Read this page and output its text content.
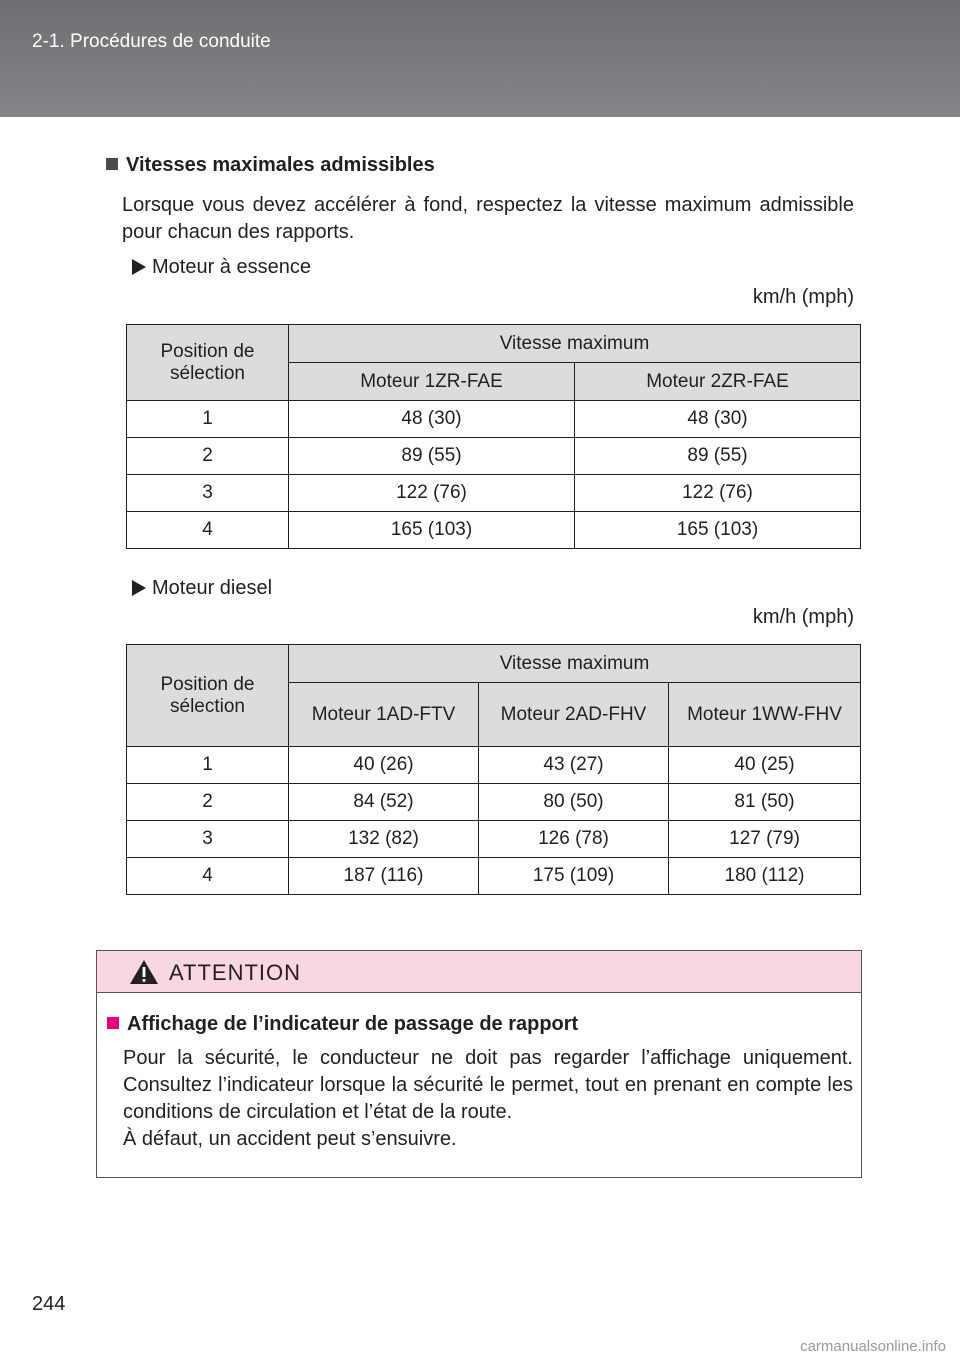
2-1. Procédures de conduite
Vitesses maximales admissibles
Lorsque vous devez accélérer à fond, respectez la vitesse maximum admissible pour chacun des rapports.
Moteur à essence
km/h (mph)
Position de sélection	Vitesse maximum	
	Moteur 1ZR-FAE	Moteur 2ZR-FAE
1	48 (30)	48 (30)
2	89 (55)	89 (55)
3	122 (76)	122 (76)
4	165 (103)	165 (103)
Moteur diesel
km/h (mph)
Position de sélection	Vitesse maximum		
	Moteur 1AD-FTV	Moteur 2AD-FHV	Moteur 1WW-FHV
1	40 (26)	43 (27)	40 (25)
2	84 (52)	80 (50)	81 (50)
3	132 (82)	126 (78)	127 (79)
4	187 (116)	175 (109)	180 (112)
ATTENTION
Affichage de l’indicateur de passage de rapport
Pour la sécurité, le conducteur ne doit pas regarder l’affichage uniquement. Consultez l’indicateur lorsque la sécurité le permet, tout en prenant en compte les conditions de circulation et l’état de la route.
À défaut, un accident peut s’ensuivre.
244
carmanualsonline.info
